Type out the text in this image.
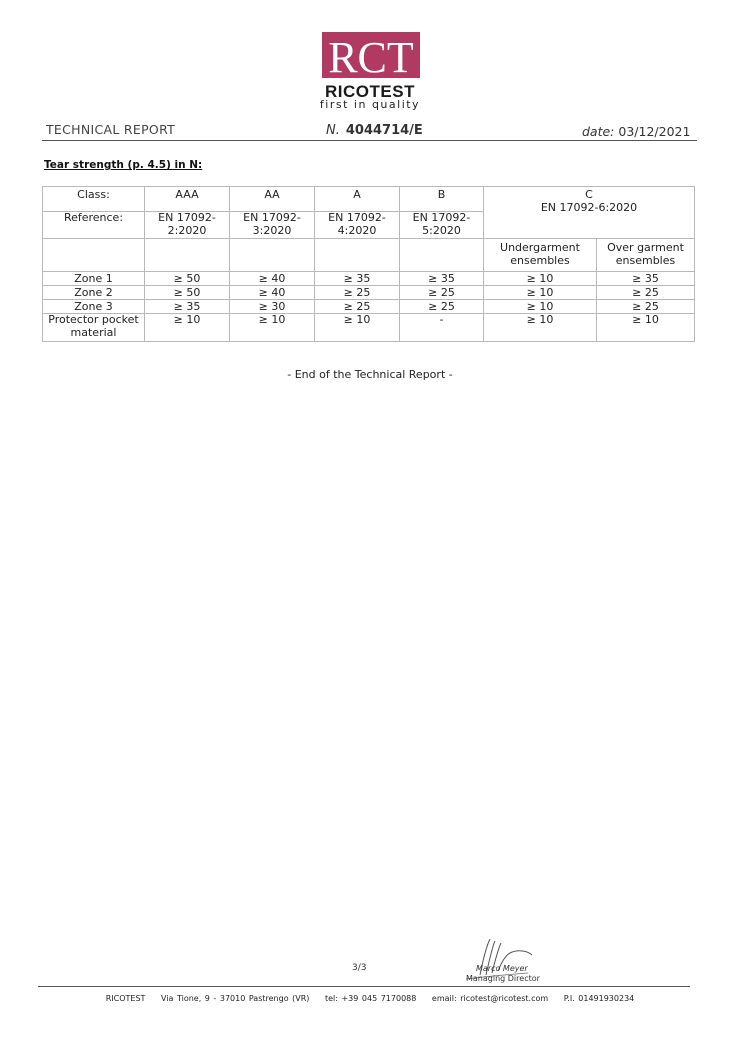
RCT
RICOTEST
first in quality
TECHNICAL REPORT	N. 4044714/E	date: 03/12/2021
Tear strength (p. 4.5) in N:
Class:	AAA	AA	A	B	C
EN 17092-6:2020	

Reference:	EN 17092-2:2020	EN 17092-3:2020	EN 17092-4:2020	EN 17092-5:2020		
					Undergarment ensembles	Over garment ensembles
Zone 1	≥ 50	≥ 40	≥ 35	≥ 35	≥ 10	≥ 35
Zone 2	≥ 50	≥ 40	≥ 25	≥ 25	≥ 10	≥ 25
Zone 3	≥ 35	≥ 30	≥ 25	≥ 25	≥ 10	≥ 25
Protector pocket material	≥ 10	≥ 10	≥ 10	-	≥ 10	≥ 10
- End of the Technical Report -
3/3	Marco Meyer
Managing Director
RICOTEST Via Tione, 9 - 37010 Pastrengo (VR) tel: +39 045 7170088 email: ricotest@ricotest.com P.I. 01491930234
